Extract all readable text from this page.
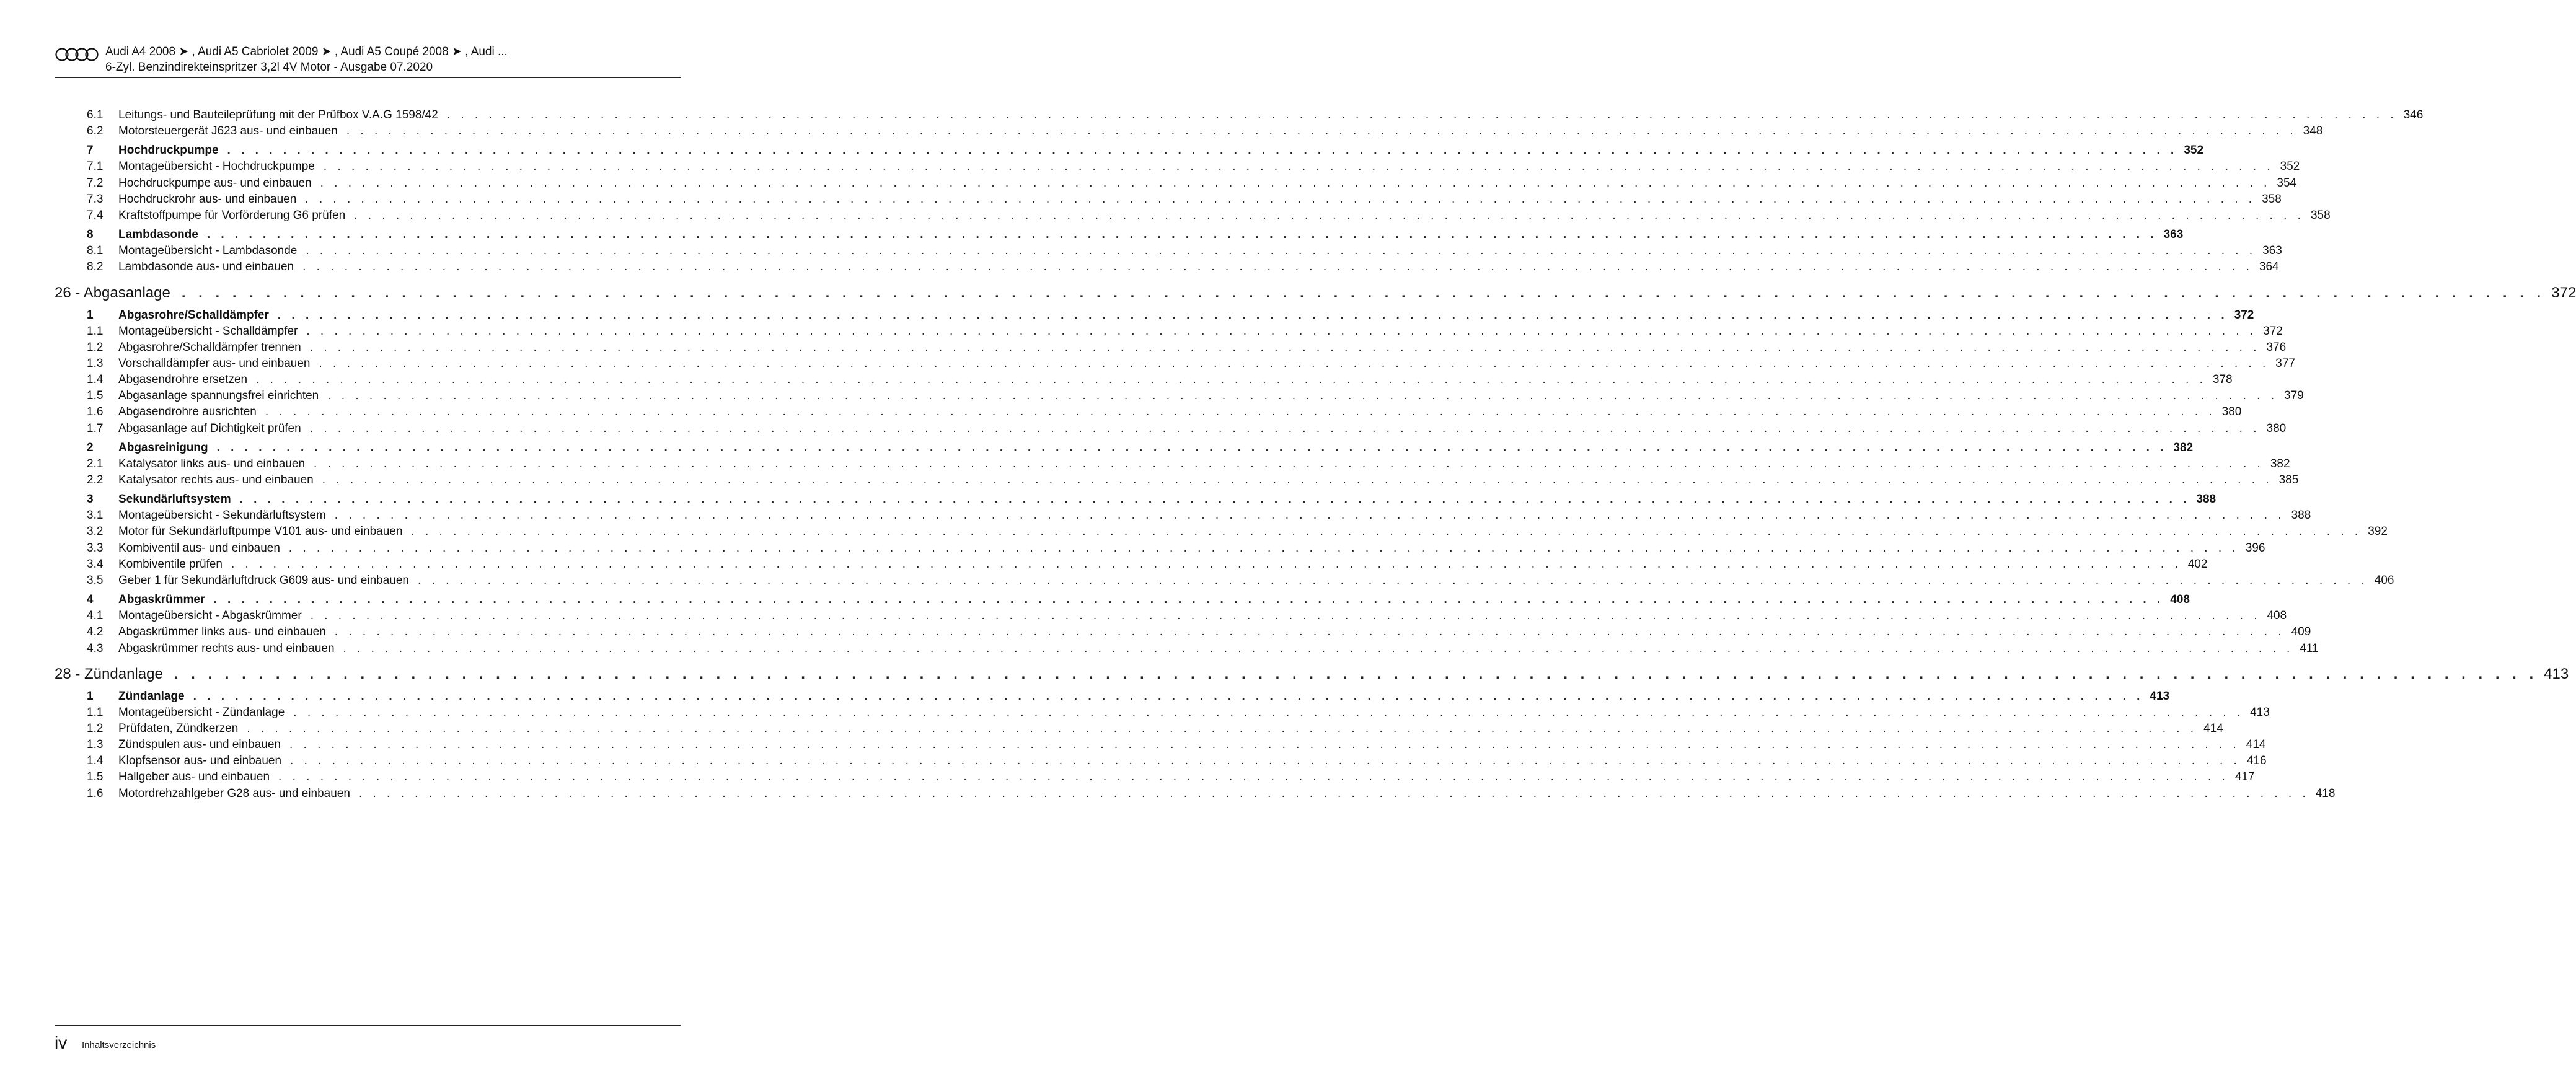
Audi A4 2008 ➤ , Audi A5 Cabriolet 2009 ➤ , Audi A5 Coupé 2008 ➤ , Audi ...
6-Zyl. Benzindirekteinspritzer 3,2l 4V Motor - Ausgabe 07.2020
6.1	Leitungs- und Bauteileprüfung mit der Prüfbox V.A.G 1598/42 . . . . . . . . . . . . . . . . . . . . . . . . . . . . . . . . . . . . . . . . . . . . . . . . . . . . . . . . . . . . . . . . . . . . . . . . . . . . . . . . . . . . . . . . . . . . . . . . . . . . . . . . . . . . . . . . . . . . . . . . . . . . . . . . . . . . . . . . . . . . 346
6.2	Motorsteuergerät J623 aus- und einbauen . . . . . . . . . . . . . . . . . . . . . . . . . . . . . . . . . . . . . . . . . . . . . . . . . . . . . . . . . . . . . . . . . . . . . . . . . . . . . . . . . . . . . . . . . . . . . . . . . . . . . . . . . . . . . . . . . . . . . . . . . . . . . . . . . . . . . . . . . . . . 348
7	Hochdruckpumpe . . . . . . . . . . . . . . . . . . . . . . . . . . . . . . . . . . . . . . . . . . . . . . . . . . . . . . . . . . . . . . . . . . . . . . . . . . . . . . . . . . . . . . . . . . . . . . . . . . . . . . . . . . . . . . . . . . . . . . . . . . . . . . . . . . . . . . . . . . . . 352
7.1	Montageübersicht - Hochdruckpumpe . . . . . . . . . . . . . . . . . . . . . . . . . . . . . . . . . . . . . . . . . . . . . . . . . . . . . . . . . . . . . . . . . . . . . . . . . . . . . . . . . . . . . . . . . . . . . . . . . . . . . . . . . . . . . . . . . . . . . . . . . . . . . . . . . . . . . . . . . . . . 352
7.2	Hochdruckpumpe aus- und einbauen . . . . . . . . . . . . . . . . . . . . . . . . . . . . . . . . . . . . . . . . . . . . . . . . . . . . . . . . . . . . . . . . . . . . . . . . . . . . . . . . . . . . . . . . . . . . . . . . . . . . . . . . . . . . . . . . . . . . . . . . . . . . . . . . . . . . . . . . . . . . 354
7.3	Hochdruckrohr aus- und einbauen . . . . . . . . . . . . . . . . . . . . . . . . . . . . . . . . . . . . . . . . . . . . . . . . . . . . . . . . . . . . . . . . . . . . . . . . . . . . . . . . . . . . . . . . . . . . . . . . . . . . . . . . . . . . . . . . . . . . . . . . . . . . . . . . . . . . . . . . . . . . 358
7.4	Kraftstoffpumpe für Vorförderung G6 prüfen . . . . . . . . . . . . . . . . . . . . . . . . . . . . . . . . . . . . . . . . . . . . . . . . . . . . . . . . . . . . . . . . . . . . . . . . . . . . . . . . . . . . . . . . . . . . . . . . . . . . . . . . . . . . . . . . . . . . . . . . . . . . . . . . . . . . . . . . . . . . 358
8	Lambdasonde . . . . . . . . . . . . . . . . . . . . . . . . . . . . . . . . . . . . . . . . . . . . . . . . . . . . . . . . . . . . . . . . . . . . . . . . . . . . . . . . . . . . . . . . . . . . . . . . . . . . . . . . . . . . . . . . . . . . . . . . . . . . . . . . . . . . . . . . . . . . 363
8.1	Montageübersicht - Lambdasonde . . . . . . . . . . . . . . . . . . . . . . . . . . . . . . . . . . . . . . . . . . . . . . . . . . . . . . . . . . . . . . . . . . . . . . . . . . . . . . . . . . . . . . . . . . . . . . . . . . . . . . . . . . . . . . . . . . . . . . . . . . . . . . . . . . . . . . . . . . . . 363
8.2	Lambdasonde aus- und einbauen . . . . . . . . . . . . . . . . . . . . . . . . . . . . . . . . . . . . . . . . . . . . . . . . . . . . . . . . . . . . . . . . . . . . . . . . . . . . . . . . . . . . . . . . . . . . . . . . . . . . . . . . . . . . . . . . . . . . . . . . . . . . . . . . . . . . . . . . . . . . 364
26 - Abgasanlage . . . . . . . . . . . . . . . . . . . . . . . . . . . . . . . . . . . . . . . . . . . . . . . . . . . . . . . . . . . . . . . . . . . . . . . . . . . . . . . . . . . . . . . . . . . . . . . . . . . . . . . . . . . . . . . . . . . . . . . . . . . . . . . . . . . . . . . . . . . . 372
1	Abgasrohre/Schalldämpfer . . . . . . . . . . . . . . . . . . . . . . . . . . . . . . . . . . . . . . . . . . . . . . . . . . . . . . . . . . . . . . . . . . . . . . . . . . . . . . . . . . . . . . . . . . . . . . . . . . . . . . . . . . . . . . . . . . . . . . . . . . . . . . . . . . . . . . . . . . . . 372
1.1	Montageübersicht - Schalldämpfer . . . . . . . . . . . . . . . . . . . . . . . . . . . . . . . . . . . . . . . . . . . . . . . . . . . . . . . . . . . . . . . . . . . . . . . . . . . . . . . . . . . . . . . . . . . . . . . . . . . . . . . . . . . . . . . . . . . . . . . . . . . . . . . . . . . . . . . . . . . . 372
1.2	Abgasrohre/Schalldämpfer trennen . . . . . . . . . . . . . . . . . . . . . . . . . . . . . . . . . . . . . . . . . . . . . . . . . . . . . . . . . . . . . . . . . . . . . . . . . . . . . . . . . . . . . . . . . . . . . . . . . . . . . . . . . . . . . . . . . . . . . . . . . . . . . . . . . . . . . . . . . . . . 376
1.3	Vorschalldämpfer aus- und einbauen . . . . . . . . . . . . . . . . . . . . . . . . . . . . . . . . . . . . . . . . . . . . . . . . . . . . . . . . . . . . . . . . . . . . . . . . . . . . . . . . . . . . . . . . . . . . . . . . . . . . . . . . . . . . . . . . . . . . . . . . . . . . . . . . . . . . . . . . . . . . 377
1.4	Abgasendrohre ersetzen . . . . . . . . . . . . . . . . . . . . . . . . . . . . . . . . . . . . . . . . . . . . . . . . . . . . . . . . . . . . . . . . . . . . . . . . . . . . . . . . . . . . . . . . . . . . . . . . . . . . . . . . . . . . . . . . . . . . . . . . . . . . . . . . . . . . . . . . . . . . 378
1.5	Abgasanlage spannungsfrei einrichten . . . . . . . . . . . . . . . . . . . . . . . . . . . . . . . . . . . . . . . . . . . . . . . . . . . . . . . . . . . . . . . . . . . . . . . . . . . . . . . . . . . . . . . . . . . . . . . . . . . . . . . . . . . . . . . . . . . . . . . . . . . . . . . . . . . . . . . . . . . . 379
1.6	Abgasendrohre ausrichten . . . . . . . . . . . . . . . . . . . . . . . . . . . . . . . . . . . . . . . . . . . . . . . . . . . . . . . . . . . . . . . . . . . . . . . . . . . . . . . . . . . . . . . . . . . . . . . . . . . . . . . . . . . . . . . . . . . . . . . . . . . . . . . . . . . . . . . . . . . . 380
1.7	Abgasanlage auf Dichtigkeit prüfen . . . . . . . . . . . . . . . . . . . . . . . . . . . . . . . . . . . . . . . . . . . . . . . . . . . . . . . . . . . . . . . . . . . . . . . . . . . . . . . . . . . . . . . . . . . . . . . . . . . . . . . . . . . . . . . . . . . . . . . . . . . . . . . . . . . . . . . . . . . . 380
2	Abgasreinigung . . . . . . . . . . . . . . . . . . . . . . . . . . . . . . . . . . . . . . . . . . . . . . . . . . . . . . . . . . . . . . . . . . . . . . . . . . . . . . . . . . . . . . . . . . . . . . . . . . . . . . . . . . . . . . . . . . . . . . . . . . . . . . . . . . . . . . . . . . . . 382
2.1	Katalysator links aus- und einbauen . . . . . . . . . . . . . . . . . . . . . . . . . . . . . . . . . . . . . . . . . . . . . . . . . . . . . . . . . . . . . . . . . . . . . . . . . . . . . . . . . . . . . . . . . . . . . . . . . . . . . . . . . . . . . . . . . . . . . . . . . . . . . . . . . . . . . . . . . . . . 382
2.2	Katalysator rechts aus- und einbauen . . . . . . . . . . . . . . . . . . . . . . . . . . . . . . . . . . . . . . . . . . . . . . . . . . . . . . . . . . . . . . . . . . . . . . . . . . . . . . . . . . . . . . . . . . . . . . . . . . . . . . . . . . . . . . . . . . . . . . . . . . . . . . . . . . . . . . . . . . . . 385
3	Sekundärluftsystem . . . . . . . . . . . . . . . . . . . . . . . . . . . . . . . . . . . . . . . . . . . . . . . . . . . . . . . . . . . . . . . . . . . . . . . . . . . . . . . . . . . . . . . . . . . . . . . . . . . . . . . . . . . . . . . . . . . . . . . . . . . . . . . . . . . . . . . . . . . . 388
3.1	Montageübersicht - Sekundärluftsystem . . . . . . . . . . . . . . . . . . . . . . . . . . . . . . . . . . . . . . . . . . . . . . . . . . . . . . . . . . . . . . . . . . . . . . . . . . . . . . . . . . . . . . . . . . . . . . . . . . . . . . . . . . . . . . . . . . . . . . . . . . . . . . . . . . . . . . . . . . . . 388
3.2	Motor für Sekundärluftpumpe V101 aus- und einbauen . . . . . . . . . . . . . . . . . . . . . . . . . . . . . . . . . . . . . . . . . . . . . . . . . . . . . . . . . . . . . . . . . . . . . . . . . . . . . . . . . . . . . . . . . . . . . . . . . . . . . . . . . . . . . . . . . . . . . . . . . . . . . . . . . . . . . . . . . . . . 392
3.3	Kombiventil aus- und einbauen . . . . . . . . . . . . . . . . . . . . . . . . . . . . . . . . . . . . . . . . . . . . . . . . . . . . . . . . . . . . . . . . . . . . . . . . . . . . . . . . . . . . . . . . . . . . . . . . . . . . . . . . . . . . . . . . . . . . . . . . . . . . . . . . . . . . . . . . . . . . 396
3.4	Kombiventile prüfen . . . . . . . . . . . . . . . . . . . . . . . . . . . . . . . . . . . . . . . . . . . . . . . . . . . . . . . . . . . . . . . . . . . . . . . . . . . . . . . . . . . . . . . . . . . . . . . . . . . . . . . . . . . . . . . . . . . . . . . . . . . . . . . . . . . . . . . . . . . . 402
3.5	Geber 1 für Sekundärluftdruck G609 aus- und einbauen . . . . . . . . . . . . . . . . . . . . . . . . . . . . . . . . . . . . . . . . . . . . . . . . . . . . . . . . . . . . . . . . . . . . . . . . . . . . . . . . . . . . . . . . . . . . . . . . . . . . . . . . . . . . . . . . . . . . . . . . . . . . . . . . . . . . . . . . . . . . 406
4	Abgaskrümmer . . . . . . . . . . . . . . . . . . . . . . . . . . . . . . . . . . . . . . . . . . . . . . . . . . . . . . . . . . . . . . . . . . . . . . . . . . . . . . . . . . . . . . . . . . . . . . . . . . . . . . . . . . . . . . . . . . . . . . . . . . . . . . . . . . . . . . . . . . . . 408
4.1	Montageübersicht - Abgaskrümmer . . . . . . . . . . . . . . . . . . . . . . . . . . . . . . . . . . . . . . . . . . . . . . . . . . . . . . . . . . . . . . . . . . . . . . . . . . . . . . . . . . . . . . . . . . . . . . . . . . . . . . . . . . . . . . . . . . . . . . . . . . . . . . . . . . . . . . . . . . . . 408
4.2	Abgaskrümmer links aus- und einbauen . . . . . . . . . . . . . . . . . . . . . . . . . . . . . . . . . . . . . . . . . . . . . . . . . . . . . . . . . . . . . . . . . . . . . . . . . . . . . . . . . . . . . . . . . . . . . . . . . . . . . . . . . . . . . . . . . . . . . . . . . . . . . . . . . . . . . . . . . . . . 409
4.3	Abgaskrümmer rechts aus- und einbauen . . . . . . . . . . . . . . . . . . . . . . . . . . . . . . . . . . . . . . . . . . . . . . . . . . . . . . . . . . . . . . . . . . . . . . . . . . . . . . . . . . . . . . . . . . . . . . . . . . . . . . . . . . . . . . . . . . . . . . . . . . . . . . . . . . . . . . . . . . . . 411
28 - Zündanlage . . . . . . . . . . . . . . . . . . . . . . . . . . . . . . . . . . . . . . . . . . . . . . . . . . . . . . . . . . . . . . . . . . . . . . . . . . . . . . . . . . . . . . . . . . . . . . . . . . . . . . . . . . . . . . . . . . . . . . . . . . . . . . . . . . . . . . . . . . . . 413
1	Zündanlage . . . . . . . . . . . . . . . . . . . . . . . . . . . . . . . . . . . . . . . . . . . . . . . . . . . . . . . . . . . . . . . . . . . . . . . . . . . . . . . . . . . . . . . . . . . . . . . . . . . . . . . . . . . . . . . . . . . . . . . . . . . . . . . . . . . . . . . . . . . . 413
1.1	Montageübersicht - Zündanlage . . . . . . . . . . . . . . . . . . . . . . . . . . . . . . . . . . . . . . . . . . . . . . . . . . . . . . . . . . . . . . . . . . . . . . . . . . . . . . . . . . . . . . . . . . . . . . . . . . . . . . . . . . . . . . . . . . . . . . . . . . . . . . . . . . . . . . . . . . . . 413
1.2	Prüfdaten, Zündkerzen . . . . . . . . . . . . . . . . . . . . . . . . . . . . . . . . . . . . . . . . . . . . . . . . . . . . . . . . . . . . . . . . . . . . . . . . . . . . . . . . . . . . . . . . . . . . . . . . . . . . . . . . . . . . . . . . . . . . . . . . . . . . . . . . . . . . . . . . . . . . 414
1.3	Zündspulen aus- und einbauen . . . . . . . . . . . . . . . . . . . . . . . . . . . . . . . . . . . . . . . . . . . . . . . . . . . . . . . . . . . . . . . . . . . . . . . . . . . . . . . . . . . . . . . . . . . . . . . . . . . . . . . . . . . . . . . . . . . . . . . . . . . . . . . . . . . . . . . . . . . . 414
1.4	Klopfsensor aus- und einbauen . . . . . . . . . . . . . . . . . . . . . . . . . . . . . . . . . . . . . . . . . . . . . . . . . . . . . . . . . . . . . . . . . . . . . . . . . . . . . . . . . . . . . . . . . . . . . . . . . . . . . . . . . . . . . . . . . . . . . . . . . . . . . . . . . . . . . . . . . . . . 416
1.5	Hallgeber aus- und einbauen . . . . . . . . . . . . . . . . . . . . . . . . . . . . . . . . . . . . . . . . . . . . . . . . . . . . . . . . . . . . . . . . . . . . . . . . . . . . . . . . . . . . . . . . . . . . . . . . . . . . . . . . . . . . . . . . . . . . . . . . . . . . . . . . . . . . . . . . . . . . 417
1.6	Motordrehzahlgeber G28 aus- und einbauen . . . . . . . . . . . . . . . . . . . . . . . . . . . . . . . . . . . . . . . . . . . . . . . . . . . . . . . . . . . . . . . . . . . . . . . . . . . . . . . . . . . . . . . . . . . . . . . . . . . . . . . . . . . . . . . . . . . . . . . . . . . . . . . . . . . . . . . . . . . . 418
iv Inhaltsverzeichnis
